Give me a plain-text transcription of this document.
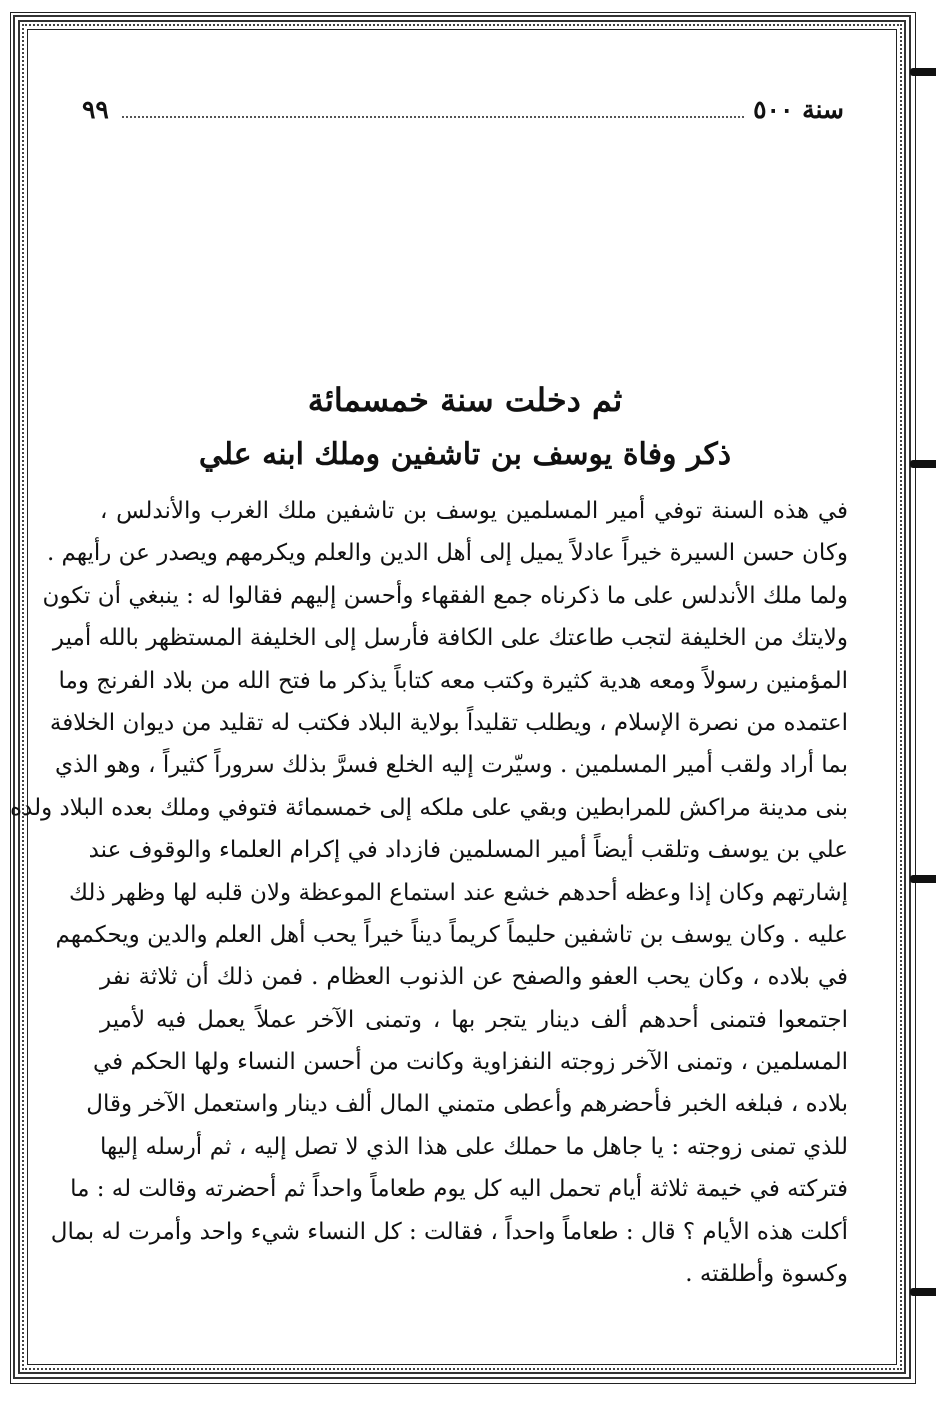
سنة ٥٠٠
٩٩
ثم دخلت سنة خمسمائة
ذكر وفاة يوسف بن تاشفين وملك ابنه علي
في هذه السنة توفي أمير المسلمين يوسف بن تاشفين ملك الغرب والأندلس ،
وكان حسن السيرة خيراً عادلاً يميل إلى أهل الدين والعلم ويكرمهم ويصدر عن رأيهم .
ولما ملك الأندلس على ما ذكرناه جمع الفقهاء وأحسن إليهم فقالوا له : ينبغي أن تكون
ولايتك من الخليفة لتجب طاعتك على الكافة فأرسل إلى الخليفة المستظهر بالله أمير
المؤمنين رسولاً ومعه هدية كثيرة وكتب معه كتاباً يذكر ما فتح الله من بلاد الفرنج وما
اعتمده من نصرة الإسلام ، ويطلب تقليداً بولاية البلاد فكتب له تقليد من ديوان الخلافة
بما أراد ولقب أمير المسلمين . وسيّرت إليه الخلع فسرَّ بذلك سروراً كثيراً ، وهو الذي
بنى مدينة مراكش للمرابطين وبقي على ملكه إلى خمسمائة فتوفي وملك بعده البلاد ولده
علي بن يوسف وتلقب أيضاً أمير المسلمين فازداد في إكرام العلماء والوقوف عند
إشارتهم وكان إذا وعظه أحدهم خشع عند استماع الموعظة ولان قلبه لها وظهر ذلك
عليه . وكان يوسف بن تاشفين حليماً كريماً ديناً خيراً يحب أهل العلم والدين ويحكمهم
في بلاده ، وكان يحب العفو والصفح عن الذنوب العظام . فمن ذلك أن ثلاثة نفر
اجتمعوا فتمنى أحدهم ألف دينار يتجر بها ، وتمنى الآخر عملاً يعمل فيه لأمير
المسلمين ، وتمنى الآخر زوجته النفزاوية وكانت من أحسن النساء ولها الحكم في
بلاده ، فبلغه الخبر فأحضرهم وأعطى متمني المال ألف دينار واستعمل الآخر وقال
للذي تمنى زوجته : يا جاهل ما حملك على هذا الذي لا تصل إليه ، ثم أرسله إليها
فتركته في خيمة ثلاثة أيام تحمل اليه كل يوم طعاماً واحداً ثم أحضرته وقالت له : ما
أكلت هذه الأيام ؟ قال : طعاماً واحداً ، فقالت : كل النساء شيء واحد وأمرت له بمال
وكسوة وأطلقته .
